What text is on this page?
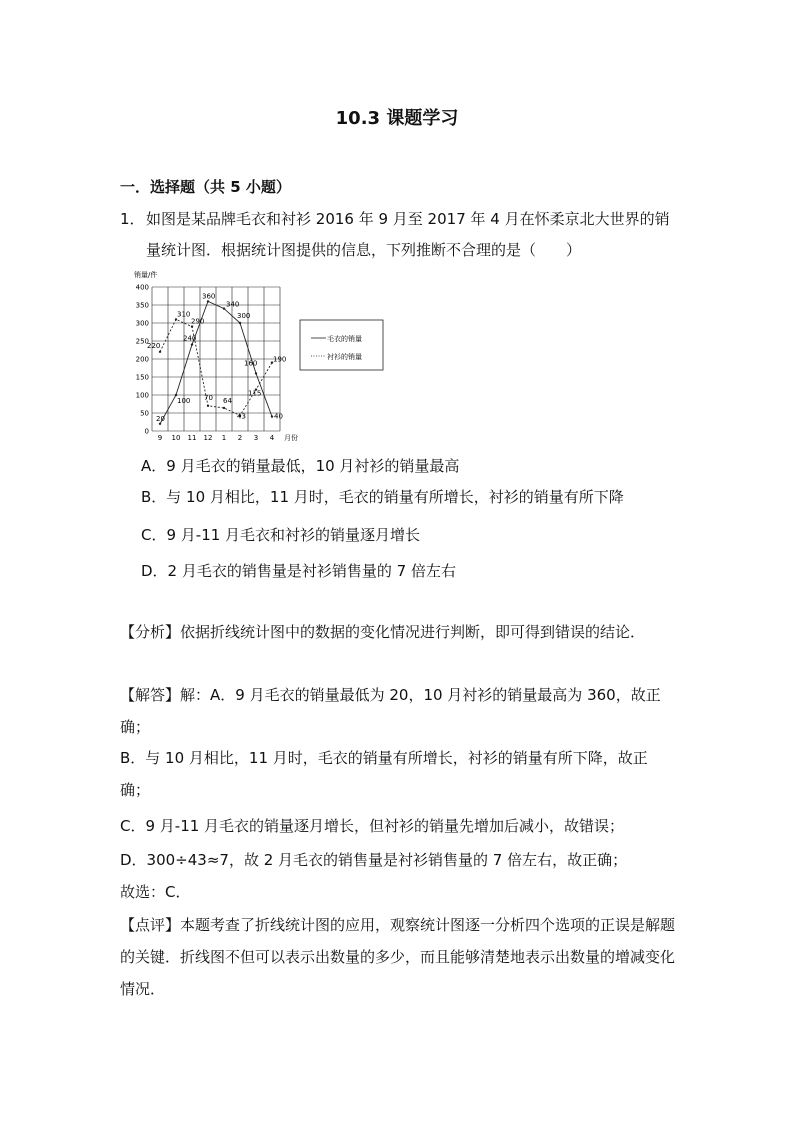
10.3 课题学习
一．选择题（共 5 小题）
1． 如图是某品牌毛衣和衬衫 2016 年 9 月至 2017 年 4 月在怀柔京北大世界的销量统计图．根据统计图提供的信息，下列推断不合理的是（　　）
销量/件
月份
0
50
100
150
200
250
300
350
400
9 10 11 12 1 2 3 4
20
100
240
360
340
300
160
40
220
310
290
70 64
43
115
190
毛衣的销量
衬衫的销量
A．9 月毛衣的销量最低，10 月衬衫的销量最高
B．与 10 月相比，11 月时，毛衣的销量有所增长，衬衫的销量有所下降
C．9 月-11 月毛衣和衬衫的销量逐月增长
D．2 月毛衣的销售量是衬衫销售量的 7 倍左右
【分析】依据折线统计图中的数据的变化情况进行判断，即可得到错误的结论．
【解答】解：A．9 月毛衣的销量最低为 20，10 月衬衫的销量最高为 360，故正确；
B．与 10 月相比，11 月时，毛衣的销量有所增长，衬衫的销量有所下降，故正确；
C．9 月-11 月毛衣的销量逐月增长，但衬衫的销量先增加后减小，故错误；
D．300÷43≈7，故 2 月毛衣的销售量是衬衫销售量的 7 倍左右，故正确；
故选：C．
【点评】本题考查了折线统计图的应用，观察统计图逐一分析四个选项的正误是解题的关键．折线图不但可以表示出数量的多少，而且能够清楚地表示出数量的增减变化情况．
